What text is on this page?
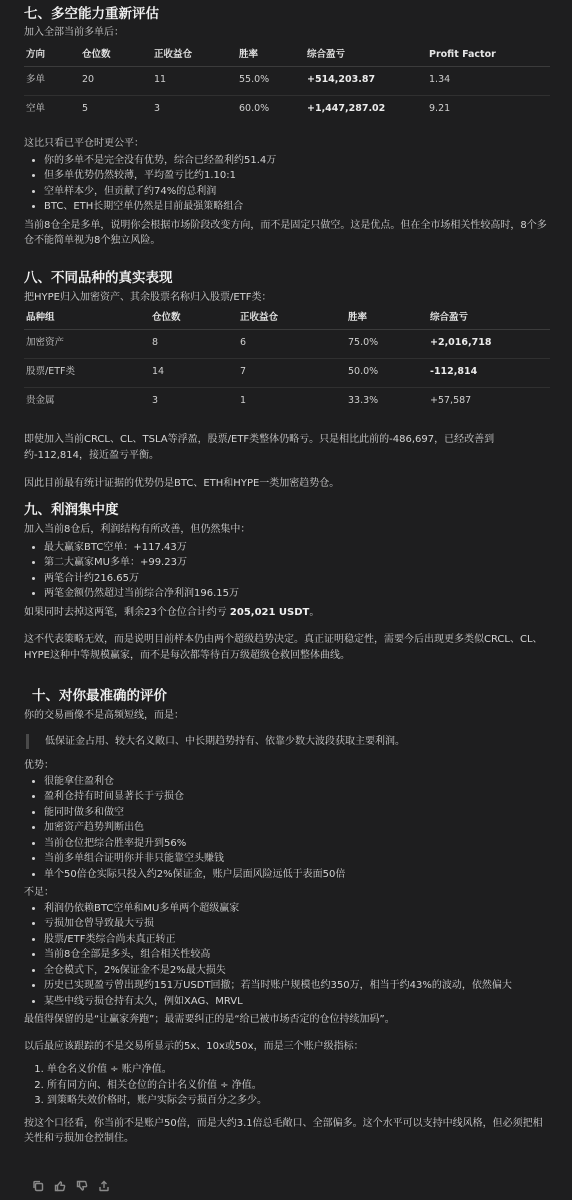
七、多空能力重新评估

加入全部当前多单后：

方向	仓位数	正收益仓	胜率	综合盈亏	Profit Factor
多单	20	11	55.0%	+514,203.87	1.34
空单	5	3	60.0%	+1,447,287.02	9.21

这比只看已平仓时更公平：

• 你的多单不是完全没有优势，综合已经盈利约51.4万
• 但多单优势仍然较薄，平均盈亏比约1.10:1
• 空单样本少，但贡献了约74%的总利润
• BTC、ETH长期空单仍然是目前最强策略组合

当前8仓全是多单，说明你会根据市场阶段改变方向，而不是固定只做空。这是优点。但在全市场相关性较高时，8个多仓不能简单视为8个独立风险。

八、不同品种的真实表现

把HYPE归入加密资产、其余股票名称归入股票/ETF类：

品种组	仓位数	正收益仓	胜率	综合盈亏
加密资产	8	6	75.0%	+2,016,718
股票/ETF类	14	7	50.0%	-112,814
贵金属	3	1	33.3%	+57,587

即使加入当前CRCL、CL、TSLA等浮盈，股票/ETF类整体仍略亏。只是相比此前的-486,697，已经改善到约-112,814，接近盈亏平衡。

因此目前最有统计证据的优势仍是BTC、ETH和HYPE一类加密趋势仓。

九、利润集中度

加入当前8仓后，利润结构有所改善，但仍然集中：

• 最大赢家BTC空单：+117.43万
• 第二大赢家MU多单：+99.23万
• 两笔合计约216.65万
• 两笔金额仍然超过当前综合净利润196.15万

如果同时去掉这两笔，剩余23个仓位合计约亏 205,021 USDT。

这不代表策略无效，而是说明目前样本仍由两个超级趋势决定。真正证明稳定性，需要今后出现更多类似CRCL、CL、HYPE这种中等规模赢家，而不是每次都等待百万级超级仓救回整体曲线。

十、对你最准确的评价

你的交易画像不是高频短线，而是：

低保证金占用、较大名义敞口、中长期趋势持有、依靠少数大波段获取主要利润。

优势：

• 很能拿住盈利仓
• 盈利仓持有时间显著长于亏损仓
• 能同时做多和做空
• 加密资产趋势判断出色
• 当前仓位把综合胜率提升到56%
• 当前多单组合证明你并非只能靠空头赚钱
• 单个50倍仓实际只投入约2%保证金，账户层面风险远低于表面50倍

不足：

• 利润仍依赖BTC空单和MU多单两个超级赢家
• 亏损加仓曾导致最大亏损
• 股票/ETF类综合尚未真正转正
• 当前8仓全部是多头，组合相关性较高
• 全仓模式下，2%保证金不是2%最大损失
• 历史已实现盈亏曾出现约151万USDT回撤；若当时账户规模也约350万，相当于约43%的波动，依然偏大
• 某些中线亏损仓持有太久，例如XAG、MRVL

最值得保留的是“让赢家奔跑”；最需要纠正的是“给已被市场否定的仓位持续加码”。

以后最应该跟踪的不是交易所显示的5x、10x或50x，而是三个账户级指标：

1. 单仓名义价值 ÷ 账户净值。
2. 所有同方向、相关仓位的合计名义价值 ÷ 净值。
3. 到策略失效价格时，账户实际会亏损百分之多少。

按这个口径看，你当前不是账户50倍，而是大约3.1倍总毛敞口、全部偏多。这个水平可以支持中线风格，但必须把相关性和亏损加仓控制住。
